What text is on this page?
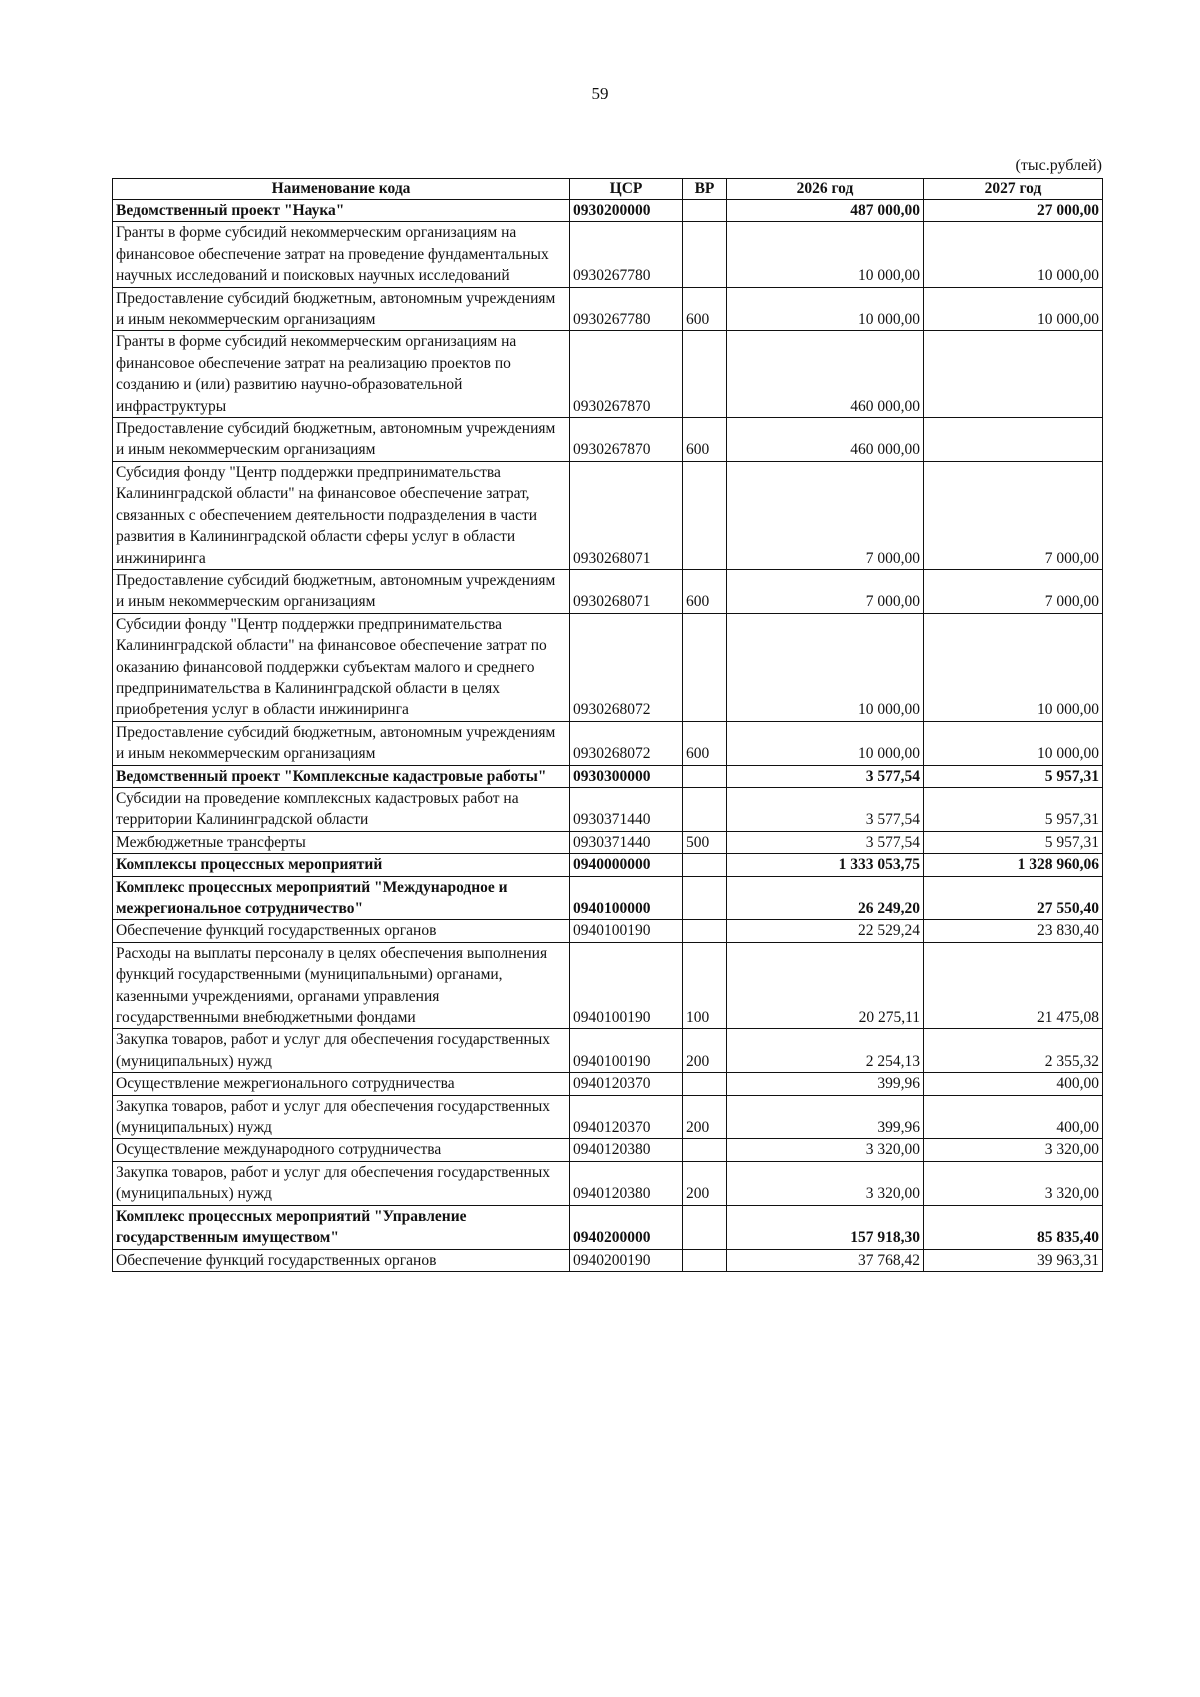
59
(тыс.рублей)
Наименование кода	ЦСР	ВР	2026 год	2027 год
Ведомственный проект "Наука"	0930200000		487 000,00	27 000,00
Гранты в форме субсидий некоммерческим организациям на финансовое обеспечение затрат на проведение фундаментальных научных исследований и поисковых научных исследований	0930267780		10 000,00	10 000,00
Предоставление субсидий бюджетным, автономным учреждениям и иным некоммерческим организациям	0930267780	600	10 000,00	10 000,00
Гранты в форме субсидий некоммерческим организациям на финансовое обеспечение затрат на реализацию проектов по созданию и (или) развитию научно-образовательной инфраструктуры	0930267870		460 000,00	
Предоставление субсидий бюджетным, автономным учреждениям и иным некоммерческим организациям	0930267870	600	460 000,00	
Субсидия фонду "Центр поддержки предпринимательства Калининградской области" на финансовое обеспечение затрат, связанных с обеспечением деятельности подразделения в части развития в Калининградской области сферы услуг в области инжиниринга	0930268071		7 000,00	7 000,00
Предоставление субсидий бюджетным, автономным учреждениям и иным некоммерческим организациям	0930268071	600	7 000,00	7 000,00
Субсидии фонду "Центр поддержки предпринимательства Калининградской области" на финансовое обеспечение затрат по оказанию финансовой поддержки субъектам малого и среднего предпринимательства в Калининградской области в целях приобретения услуг в области инжиниринга	0930268072		10 000,00	10 000,00
Предоставление субсидий бюджетным, автономным учреждениям и иным некоммерческим организациям	0930268072	600	10 000,00	10 000,00
Ведомственный проект "Комплексные кадастровые работы"	0930300000		3 577,54	5 957,31
Субсидии на проведение комплексных кадастровых работ на территории Калининградской области	0930371440		3 577,54	5 957,31
Межбюджетные трансферты	0930371440	500	3 577,54	5 957,31
Комплексы процессных мероприятий	0940000000		1 333 053,75	1 328 960,06
Комплекс процессных мероприятий "Международное и межрегиональное сотрудничество"	0940100000		26 249,20	27 550,40
Обеспечение функций государственных органов	0940100190		22 529,24	23 830,40
Расходы на выплаты персоналу в целях обеспечения выполнения функций государственными (муниципальными) органами, казенными учреждениями, органами управления государственными внебюджетными фондами	0940100190	100	20 275,11	21 475,08
Закупка товаров, работ и услуг для обеспечения государственных (муниципальных) нужд	0940100190	200	2 254,13	2 355,32
Осуществление межрегионального сотрудничества	0940120370		399,96	400,00
Закупка товаров, работ и услуг для обеспечения государственных (муниципальных) нужд	0940120370	200	399,96	400,00
Осуществление международного сотрудничества	0940120380		3 320,00	3 320,00
Закупка товаров, работ и услуг для обеспечения государственных (муниципальных) нужд	0940120380	200	3 320,00	3 320,00
Комплекс процессных мероприятий "Управление государственным имуществом"	0940200000		157 918,30	85 835,40
Обеспечение функций государственных органов	0940200190		37 768,42	39 963,31
